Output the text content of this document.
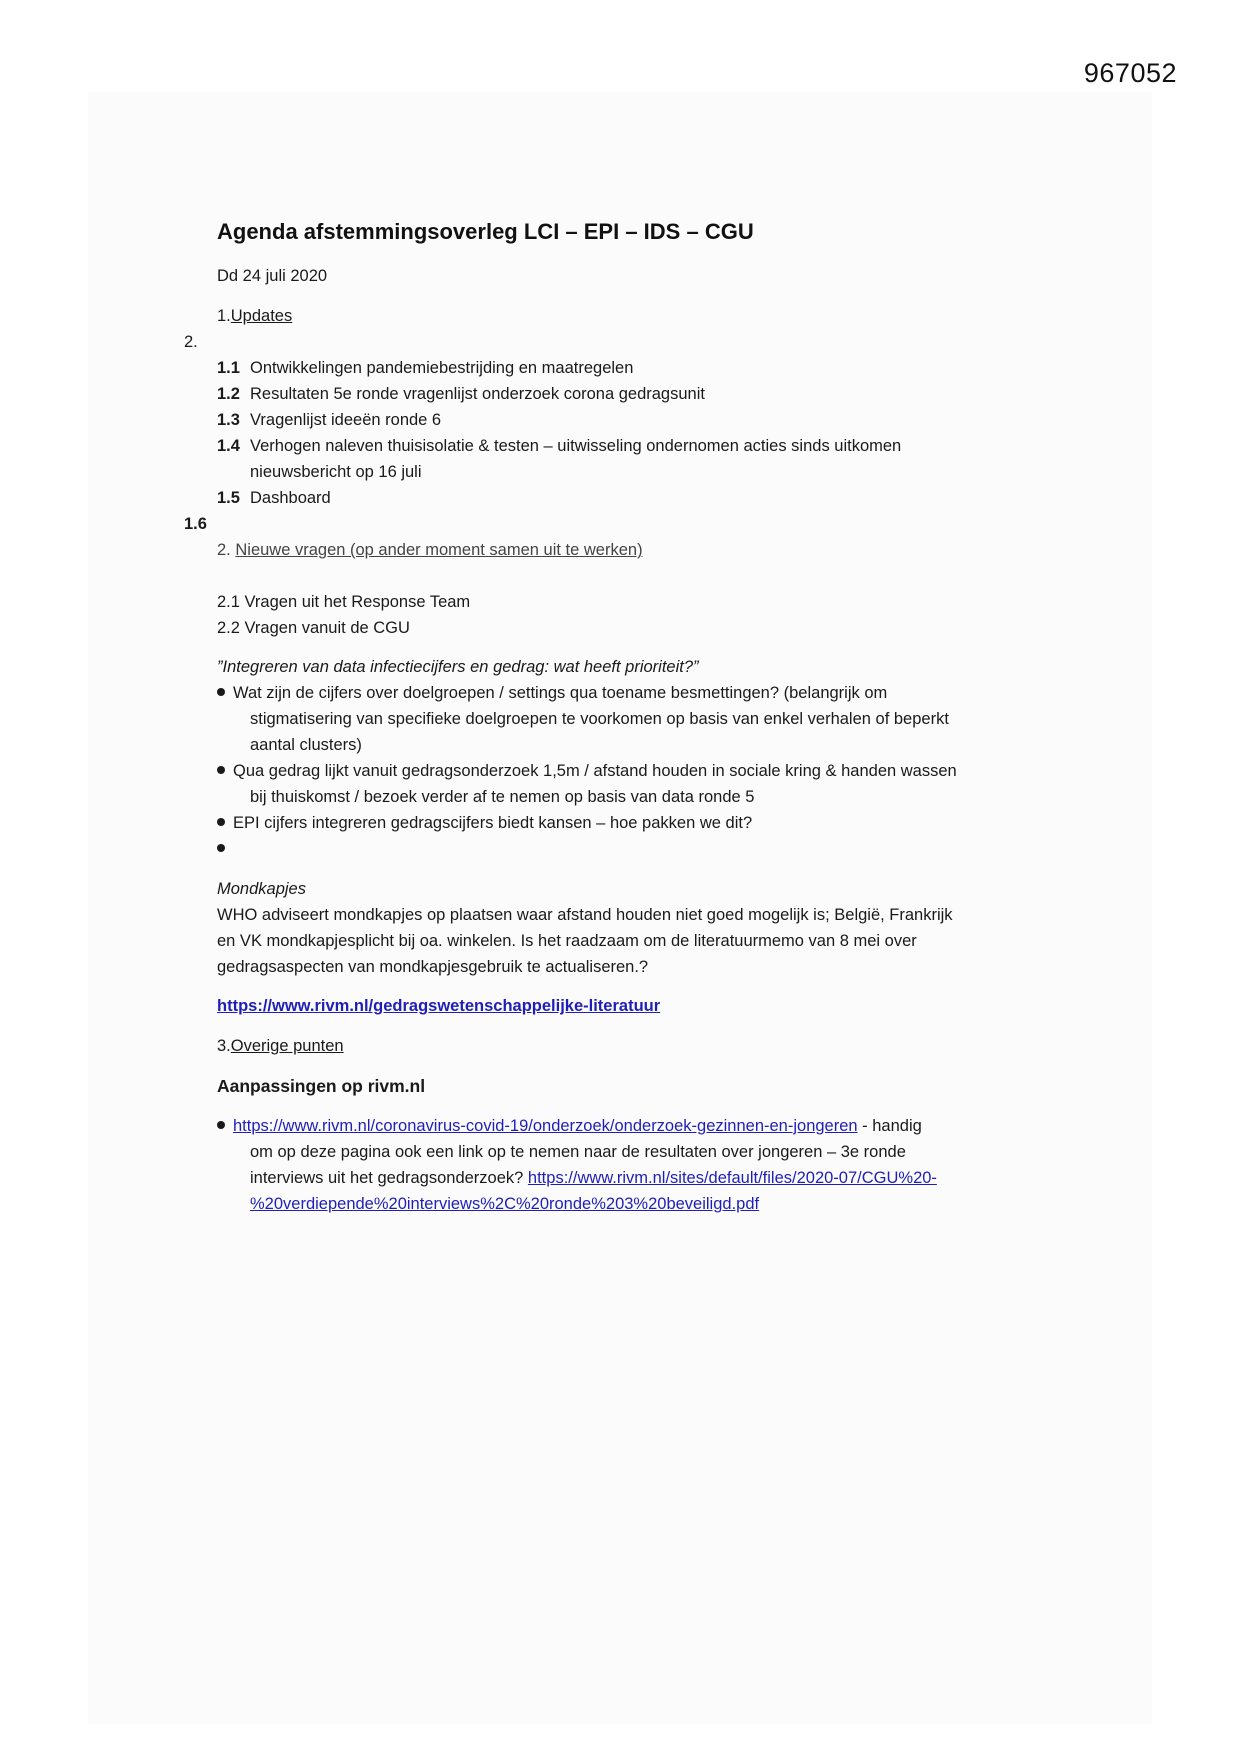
967052
Agenda afstemmingsoverleg LCI – EPI – IDS – CGU
Dd 24 juli 2020
1.Updates
2.
1.1 Ontwikkelingen pandemiebestrijding en maatregelen
1.2 Resultaten 5e ronde vragenlijst onderzoek corona gedragsunit
1.3 Vragenlijst ideeën ronde 6
1.4 Verhogen naleven thuisisolatie & testen – uitwisseling ondernomen acties sinds uitkomen
nieuwsbericht op 16 juli
1.5 Dashboard
1.6
2. Nieuwe vragen (op ander moment samen uit te werken)
2.1 Vragen uit het Response Team
2.2 Vragen vanuit de CGU
”Integreren van data infectiecijfers en gedrag: wat heeft prioriteit?”
Wat zijn de cijfers over doelgroepen / settings qua toename besmettingen? (belangrijk om
stigmatisering van specifieke doelgroepen te voorkomen op basis van enkel verhalen of beperkt
aantal clusters)
Qua gedrag lijkt vanuit gedragsonderzoek 1,5m / afstand houden in sociale kring & handen wassen
bij thuiskomst / bezoek verder af te nemen op basis van data ronde 5
EPI cijfers integreren gedragscijfers biedt kansen – hoe pakken we dit?
Mondkapjes
WHO adviseert mondkapjes op plaatsen waar afstand houden niet goed mogelijk is; België, Frankrijk
en VK mondkapjesplicht bij oa. winkelen. Is het raadzaam om de literatuurmemo van 8 mei over
gedragsaspecten van mondkapjesgebruik te actualiseren.?
https://www.rivm.nl/gedragswetenschappelijke-literatuur
3.Overige punten
Aanpassingen op rivm.nl
https://www.rivm.nl/coronavirus-covid-19/onderzoek/onderzoek-gezinnen-en-jongeren - handig
om op deze pagina ook een link op te nemen naar de resultaten over jongeren – 3e ronde
interviews uit het gedragsonderzoek? https://www.rivm.nl/sites/default/files/2020-07/CGU%20-
%20verdiepende%20interviews%2C%20ronde%203%20beveiligd.pdf
